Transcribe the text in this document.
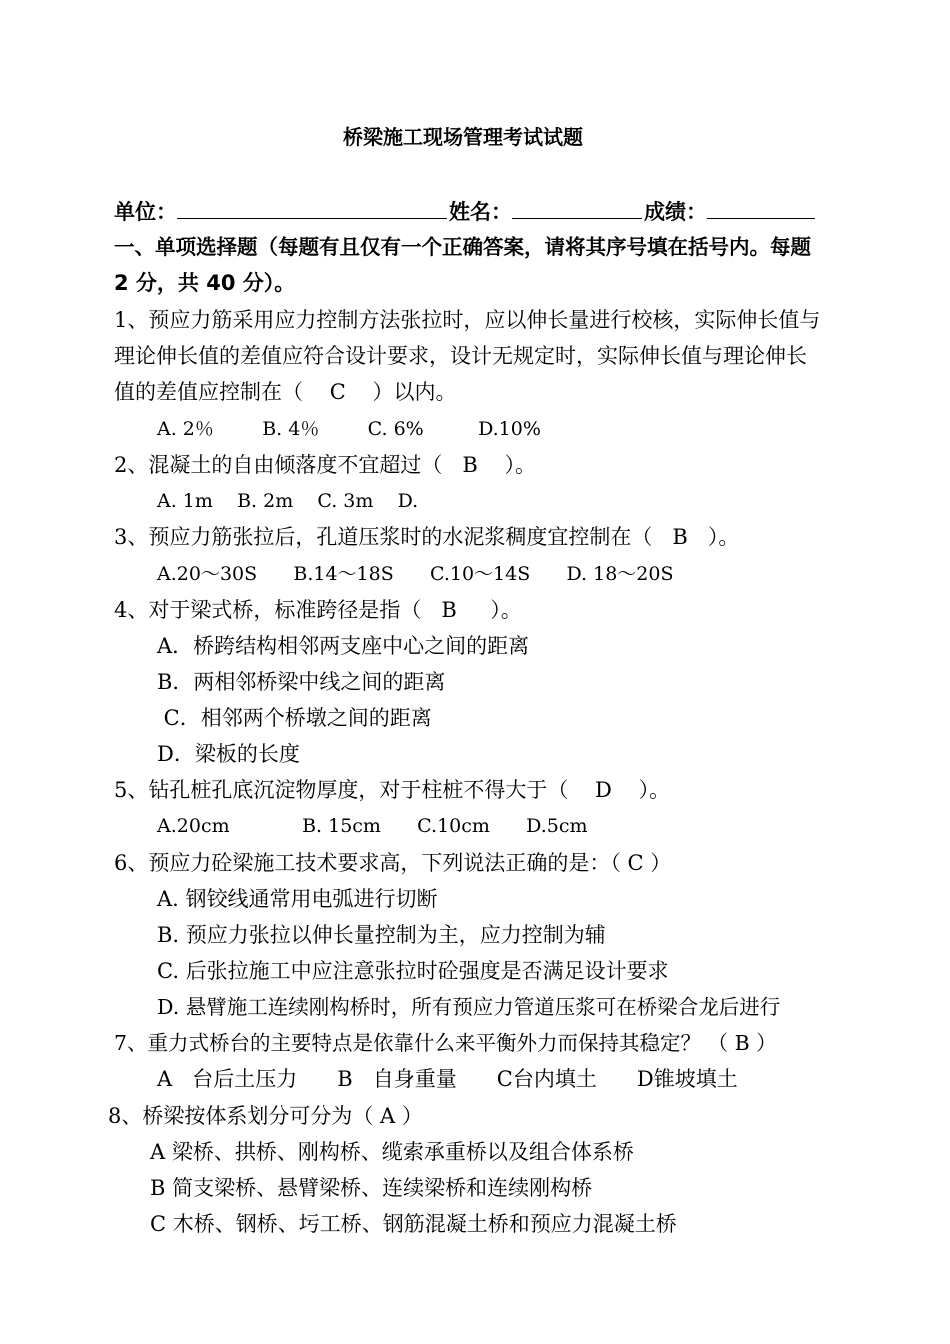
桥梁施工现场管理考试试题
单位：	姓名：	成绩：
一、单项选择题（每题有且仅有一个正确答案，请将其序号填在括号内。每题
2 分，共 40 分）。
1、预应力筋采用应力控制方法张拉时，应以伸长量进行校核，实际伸长值与
理论伸长值的差值应符合设计要求，设计无规定时，实际伸长值与理论伸长
值的差值应控制在（    C    ）以内。
A. 2％        B. 4％        C. 6%         D.10%
2、混凝土的自由倾落度不宜超过（   B    ）。
A. 1m    B. 2m    C. 3m    D.
3、预应力筋张拉后，孔道压浆时的水泥浆稠度宜控制在（   B   ）。
A.20～30S      B.14～18S      C.10～14S      D. 18～20S
4、对于梁式桥，标准跨径是指（   B     ）。
A．桥跨结构相邻两支座中心之间的距离
B．两相邻桥梁中线之间的距离
C．相邻两个桥墩之间的距离
D．梁板的长度
5、钻孔桩孔底沉淀物厚度，对于柱桩不得大于（    D    ）。
A.20cm            B. 15cm      C.10cm      D.5cm
6、预应力砼梁施工技术要求高，下列说法正确的是：（ C ）
A. 钢铰线通常用电弧进行切断
B. 预应力张拉以伸长量控制为主，应力控制为辅
C. 后张拉施工中应注意张拉时砼强度是否满足设计要求
D. 悬臂施工连续刚构桥时，所有预应力管道压浆可在桥梁合龙后进行
7、重力式桥台的主要特点是依靠什么来平衡外力而保持其稳定？ （ B ）
A   台后土压力      B   自身重量      C台内填土      D锥坡填土
8、桥梁按体系划分可分为（ A ）
A 梁桥、拱桥、刚构桥、缆索承重桥以及组合体系桥
B 简支梁桥、悬臂梁桥、连续梁桥和连续刚构桥
C 木桥、钢桥、圬工桥、钢筋混凝土桥和预应力混凝土桥
